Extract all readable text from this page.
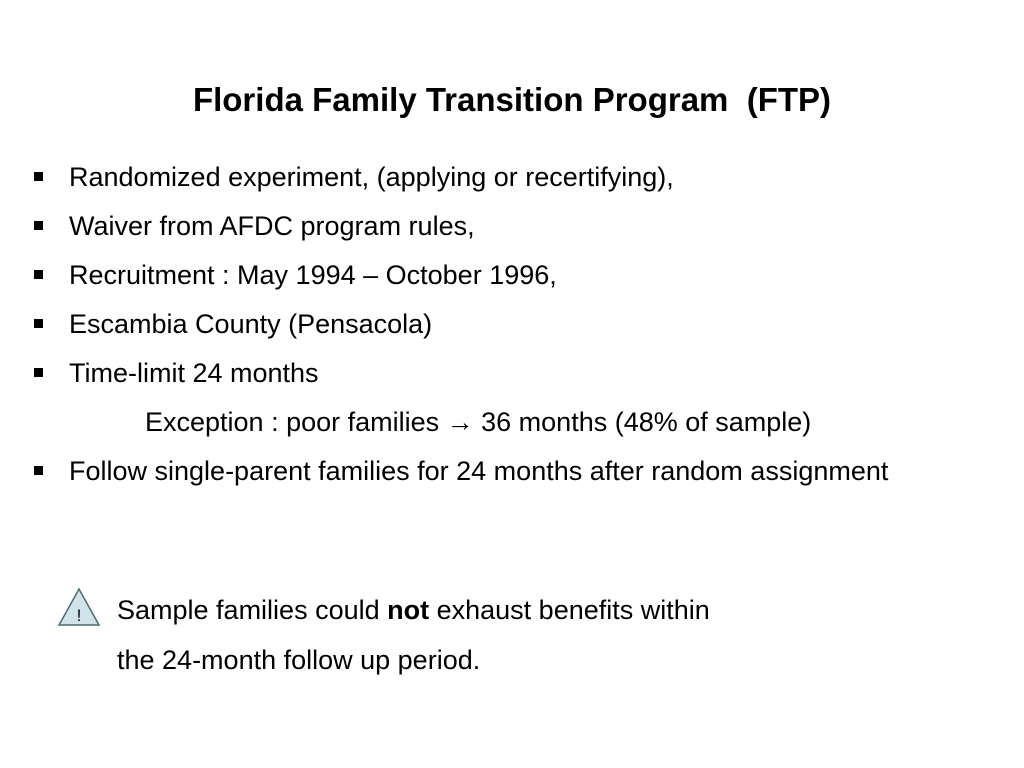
Florida Family Transition Program  (FTP)
Randomized experiment, (applying or recertifying),
Waiver from AFDC program rules,
Recruitment : May 1994 – October 1996,
Escambia County (Pensacola)
Time-limit 24 months
Exception : poor families → 36 months (48% of sample)
Follow single-parent families for 24 months after random assignment
! Sample families could not exhaust benefits within
the 24-month follow up period.
